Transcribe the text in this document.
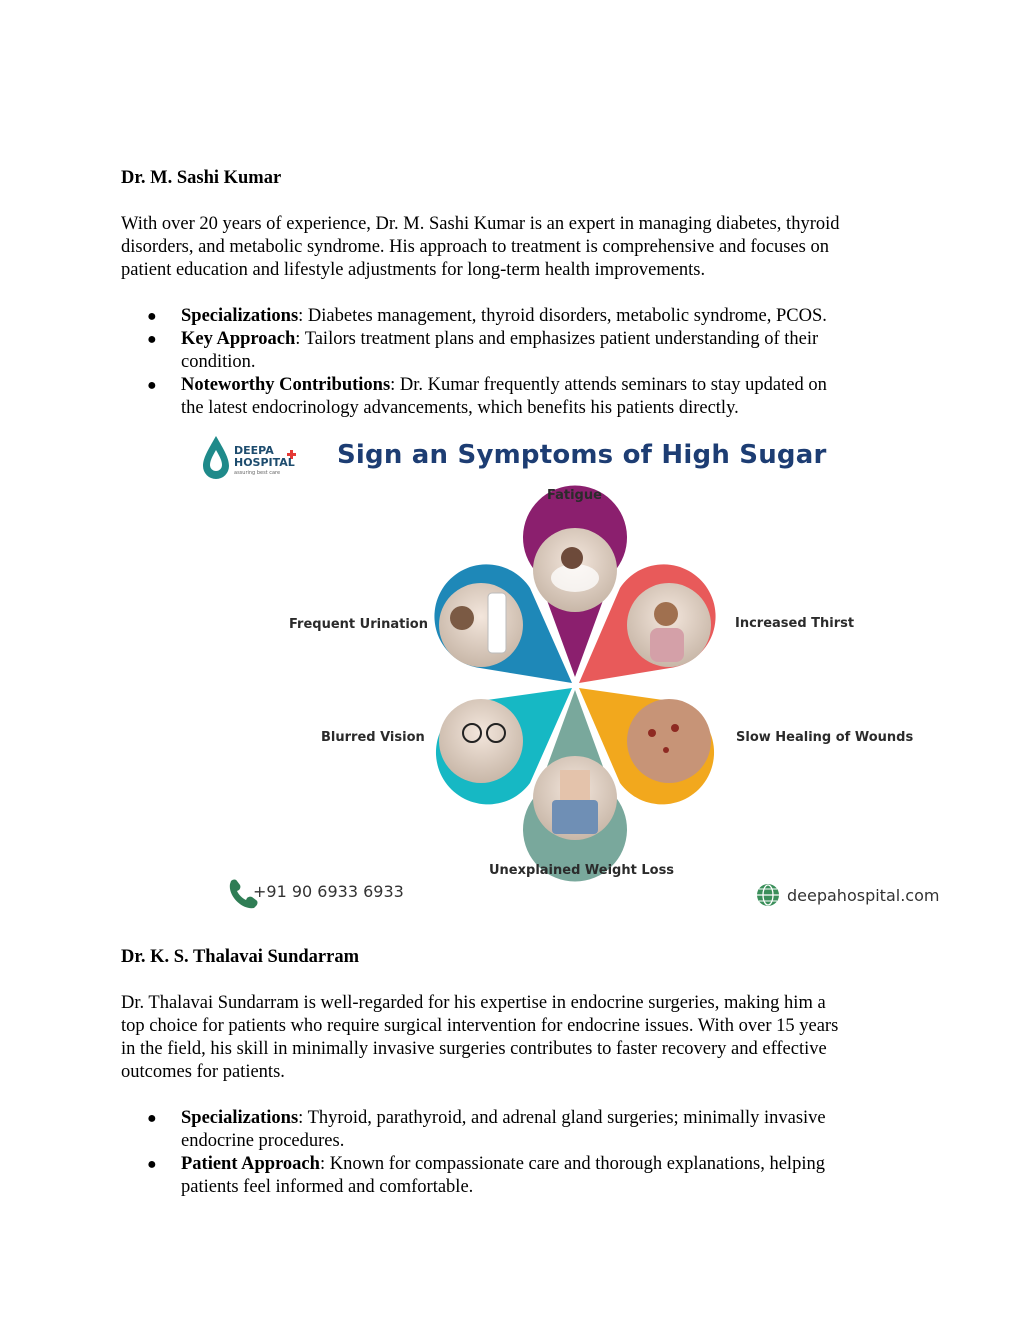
Dr. M. Sashi Kumar

With over 20 years of experience, Dr. M. Sashi Kumar is an expert in managing diabetes, thyroid

disorders, and metabolic syndrome. His approach to treatment is comprehensive and focuses on

patient education and lifestyle adjustments for long-term health improvements.

● Specializations: Diabetes management, thyroid disorders, metabolic syndrome, PCOS.
● Key Approach: Tailors treatment plans and emphasizes patient understanding of their
condition.
● Noteworthy Contributions: Dr. Kumar frequently attends seminars to stay updated on
the latest endocrinology advancements, which benefits his patients directly.
DEEPA
HOSPITAL
assuring best care
Sign an Symptoms of High Sugar
Fatigue
Increased Thirst
Frequent Urination
Blurred Vision	Slow Healing of Wounds
Unexplained Weight Loss
+91 90 6933 6933	deepahospital.com

Dr. K. S. Thalavai Sundarram

Dr. Thalavai Sundarram is well-regarded for his expertise in endocrine surgeries, making him a

top choice for patients who require surgical intervention for endocrine issues. With over 15 years

in the field, his skill in minimally invasive surgeries contributes to faster recovery and effective

outcomes for patients.

● Specializations: Thyroid, parathyroid, and adrenal gland surgeries; minimally invasive
endocrine procedures.
● Patient Approach: Known for compassionate care and thorough explanations, helping
patients feel informed and comfortable.
